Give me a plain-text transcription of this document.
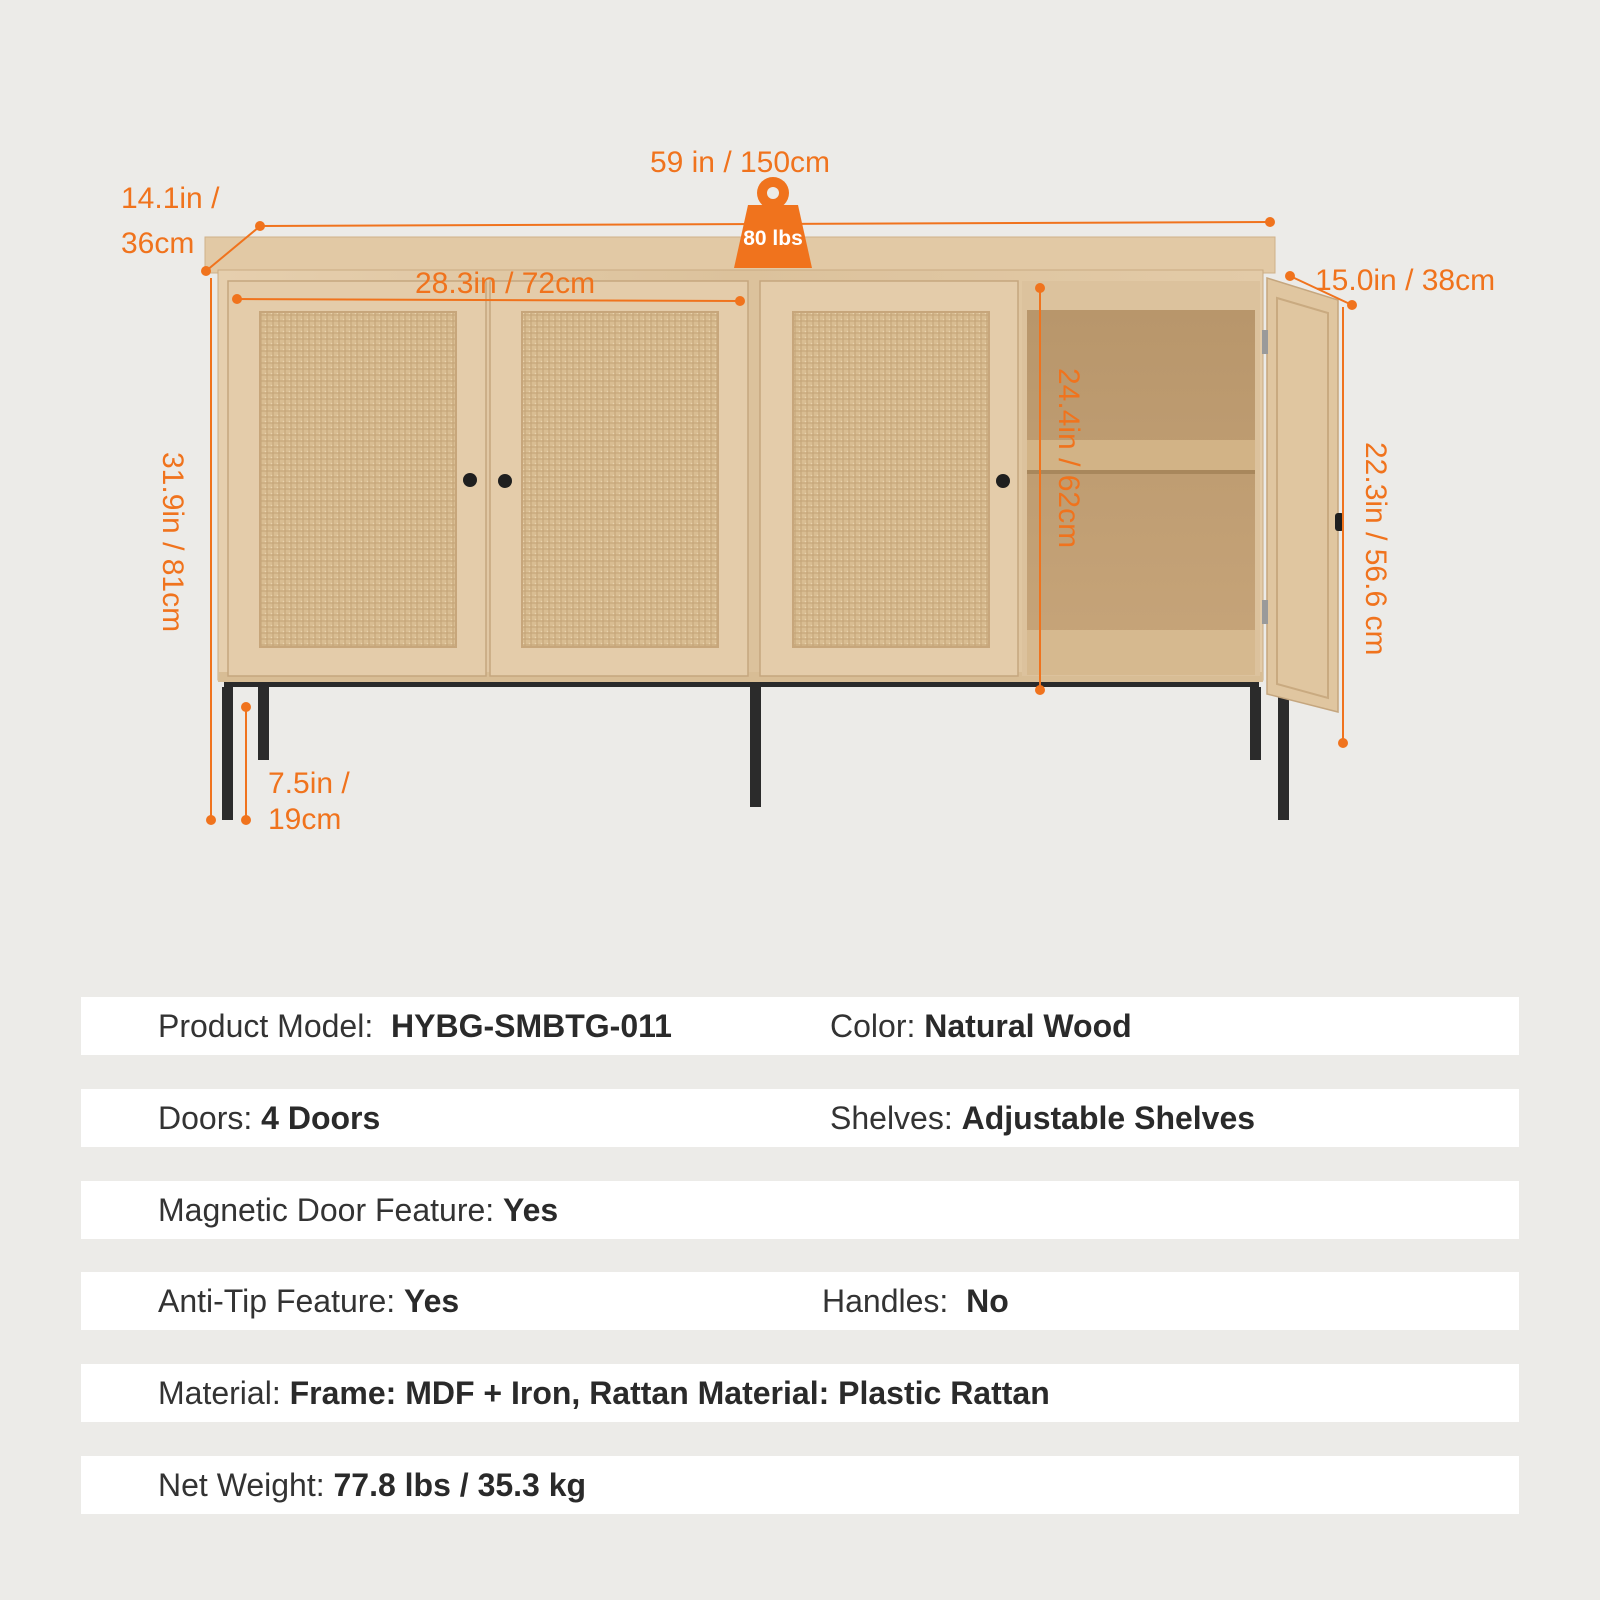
80 lbs
59 in / 150cm
14.1in /
36cm
28.3in / 72cm	15.0in / 38cm
31.9in / 81cm	24.4in / 62cm	22.3in / 56.6 cm
7.5in /
19cm
Product Model: HYBG-SMBTG-011	Color: Natural Wood
Doors: 4 Doors	Shelves: Adjustable Shelves
Magnetic Door Feature: Yes
Anti-Tip Feature: Yes	Handles: No
Material: Frame: MDF + Iron, Rattan Material: Plastic Rattan
Net Weight: 77.8 lbs / 35.3 kg
